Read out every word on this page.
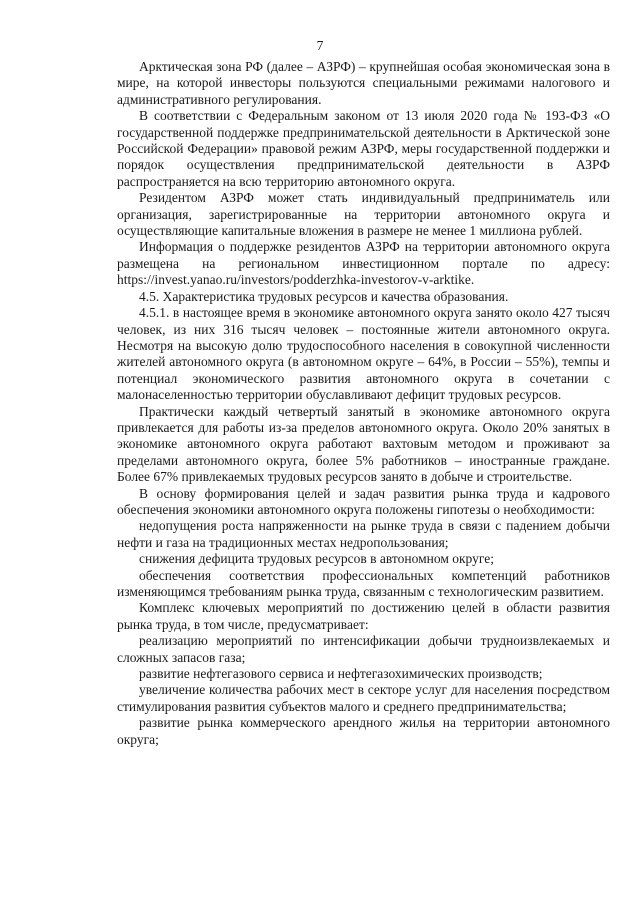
7

Арктическая зона РФ (далее – АЗРФ) – крупнейшая особая экономическая зона в мире, на которой инвесторы пользуются специальными режимами налогового и административного регулирования.

В соответствии с Федеральным законом от 13 июля 2020 года № 193-ФЗ «О государственной поддержке предпринимательской деятельности в Арктической зоне Российской Федерации» правовой режим АЗРФ, меры государственной поддержки и порядок осуществления предпринимательской деятельности в АЗРФ распространяется на всю территорию автономного округа.

Резидентом АЗРФ может стать индивидуальный предприниматель или организация, зарегистрированные на территории автономного округа и осуществляющие капитальные вложения в размере не менее 1 миллиона рублей.

Информация о поддержке резидентов АЗРФ на территории автономного округа размещена на региональном инвестиционном портале по адресу: https://invest.yanao.ru/investors/podderzhka-investorov-v-arktike.

4.5. Характеристика трудовых ресурсов и качества образования.

4.5.1. в настоящее время в экономике автономного округа занято около 427 тысяч человек, из них 316 тысяч человек – постоянные жители автономного округа. Несмотря на высокую долю трудоспособного населения в совокупной численности жителей автономного округа (в автономном округе – 64%, в России – 55%), темпы и потенциал экономического развития автономного округа в сочетании с малонаселенностью территории обуславливают дефицит трудовых ресурсов.

Практически каждый четвертый занятый в экономике автономного округа привлекается для работы из-за пределов автономного округа. Около 20% занятых в экономике автономного округа работают вахтовым методом и проживают за пределами автономного округа, более 5% работников – иностранные граждане. Более 67% привлекаемых трудовых ресурсов занято в добыче и строительстве.

В основу формирования целей и задач развития рынка труда и кадрового обеспечения экономики автономного округа положены гипотезы о необходимости:

недопущения роста напряженности на рынке труда в связи с падением добычи нефти и газа на традиционных местах недропользования;

снижения дефицита трудовых ресурсов в автономном округе;

обеспечения соответствия профессиональных компетенций работников изменяющимся требованиям рынка труда, связанным с технологическим развитием.

Комплекс ключевых мероприятий по достижению целей в области развития рынка труда, в том числе, предусматривает:

реализацию мероприятий по интенсификации добычи трудноизвлекаемых и сложных запасов газа;

развитие нефтегазового сервиса и нефтегазохимических производств;

увеличение количества рабочих мест в секторе услуг для населения посредством стимулирования развития субъектов малого и среднего предпринимательства;

развитие рынка коммерческого арендного жилья на территории автономного округа;
